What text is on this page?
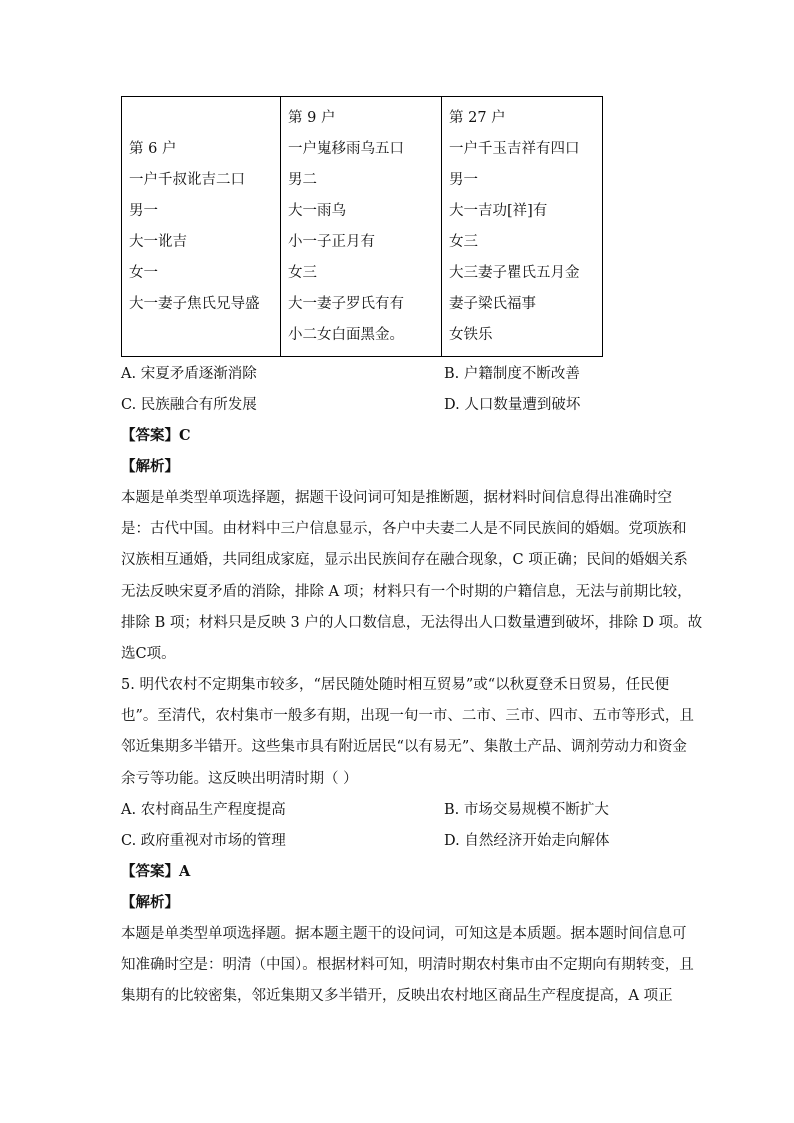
第 6 户
一户千叔讹吉二口
男一
大一讹吉
女一
大一妻子焦氏兄导盛

第 9 户
一户嵬移雨乌五口
男二
大一雨乌
小一子正月有
女三
大一妻子罗氏有有
小二女白面黑金。

第 27 户
一户千玉吉祥有四口
男一
大一吉功[祥]有
女三
大三妻子瞿氏五月金
妻子梁氏福事
女铁乐
A. 宋夏矛盾逐渐消除	B. 户籍制度不断改善
C. 民族融合有所发展	D. 人口数量遭到破坏
【答案】C
【解析】
本题是单类型单项选择题，据题干设问词可知是推断题，据材料时间信息得出准确时空
是：古代中国。由材料中三户信息显示，各户中夫妻二人是不同民族间的婚姻。党项族和
汉族相互通婚，共同组成家庭，显示出民族间存在融合现象，C 项正确；民间的婚姻关系
无法反映宋夏矛盾的消除，排除 A 项；材料只有一个时期的户籍信息，无法与前期比较，
排除 B 项；材料只是反映 3 户的人口数信息，无法得出人口数量遭到破坏，排除 D 项。故
选C项。
5. 明代农村不定期集市较多，“居民随处随时相互贸易”或“以秋夏登禾日贸易，任民便
也”。至清代，农村集市一般多有期，出现一旬一市、二市、三市、四市、五市等形式，且
邻近集期多半错开。这些集市具有附近居民“以有易无”、集散土产品、调剂劳动力和资金
余亏等功能。这反映出明清时期（ ）
A. 农村商品生产程度提高	B. 市场交易规模不断扩大
C. 政府重视对市场的管理	D. 自然经济开始走向解体
【答案】A
【解析】
本题是单类型单项选择题。据本题主题干的设问词，可知这是本质题。据本题时间信息可
知准确时空是：明清（中国）。根据材料可知，明清时期农村集市由不定期向有期转变，且
集期有的比较密集，邻近集期又多半错开，反映出农村地区商品生产程度提高，A 项正
